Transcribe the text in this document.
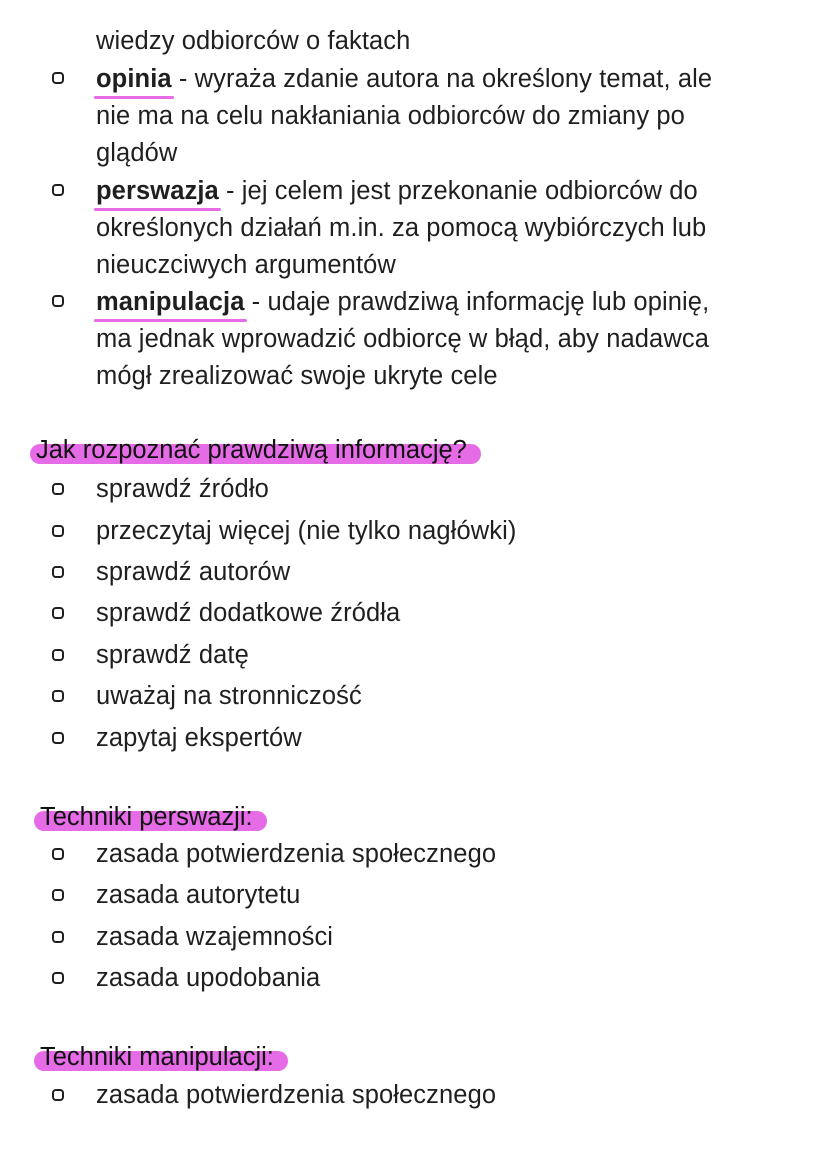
wiedzy odbiorców o faktach
opinia
- wyraża zdanie autora na określony temat, ale
nie ma na celu nakłaniania odbiorców do zmiany po
glądów
perswazja
- jej celem jest przekonanie odbiorców do
określonych działań m.in. za pomocą wybiórczych lub
nieuczciwych argumentów
manipulacja
- udaje prawdziwą informację lub opinię,
ma jednak wprowadzić odbiorcę w błąd, aby nadawca
mógł zrealizować swoje ukryte cele
Jak rozpoznać prawdziwą informację?
sprawdź źródło
przeczytaj więcej (nie tylko nagłówki)
sprawdź autorów
sprawdź dodatkowe źródła
sprawdź datę
uważaj na stronniczość
zapytaj ekspertów
Techniki perswazji:
zasada potwierdzenia społecznego
zasada autorytetu
zasada wzajemności
zasada upodobania
Techniki manipulacji:
zasada potwierdzenia społecznego
